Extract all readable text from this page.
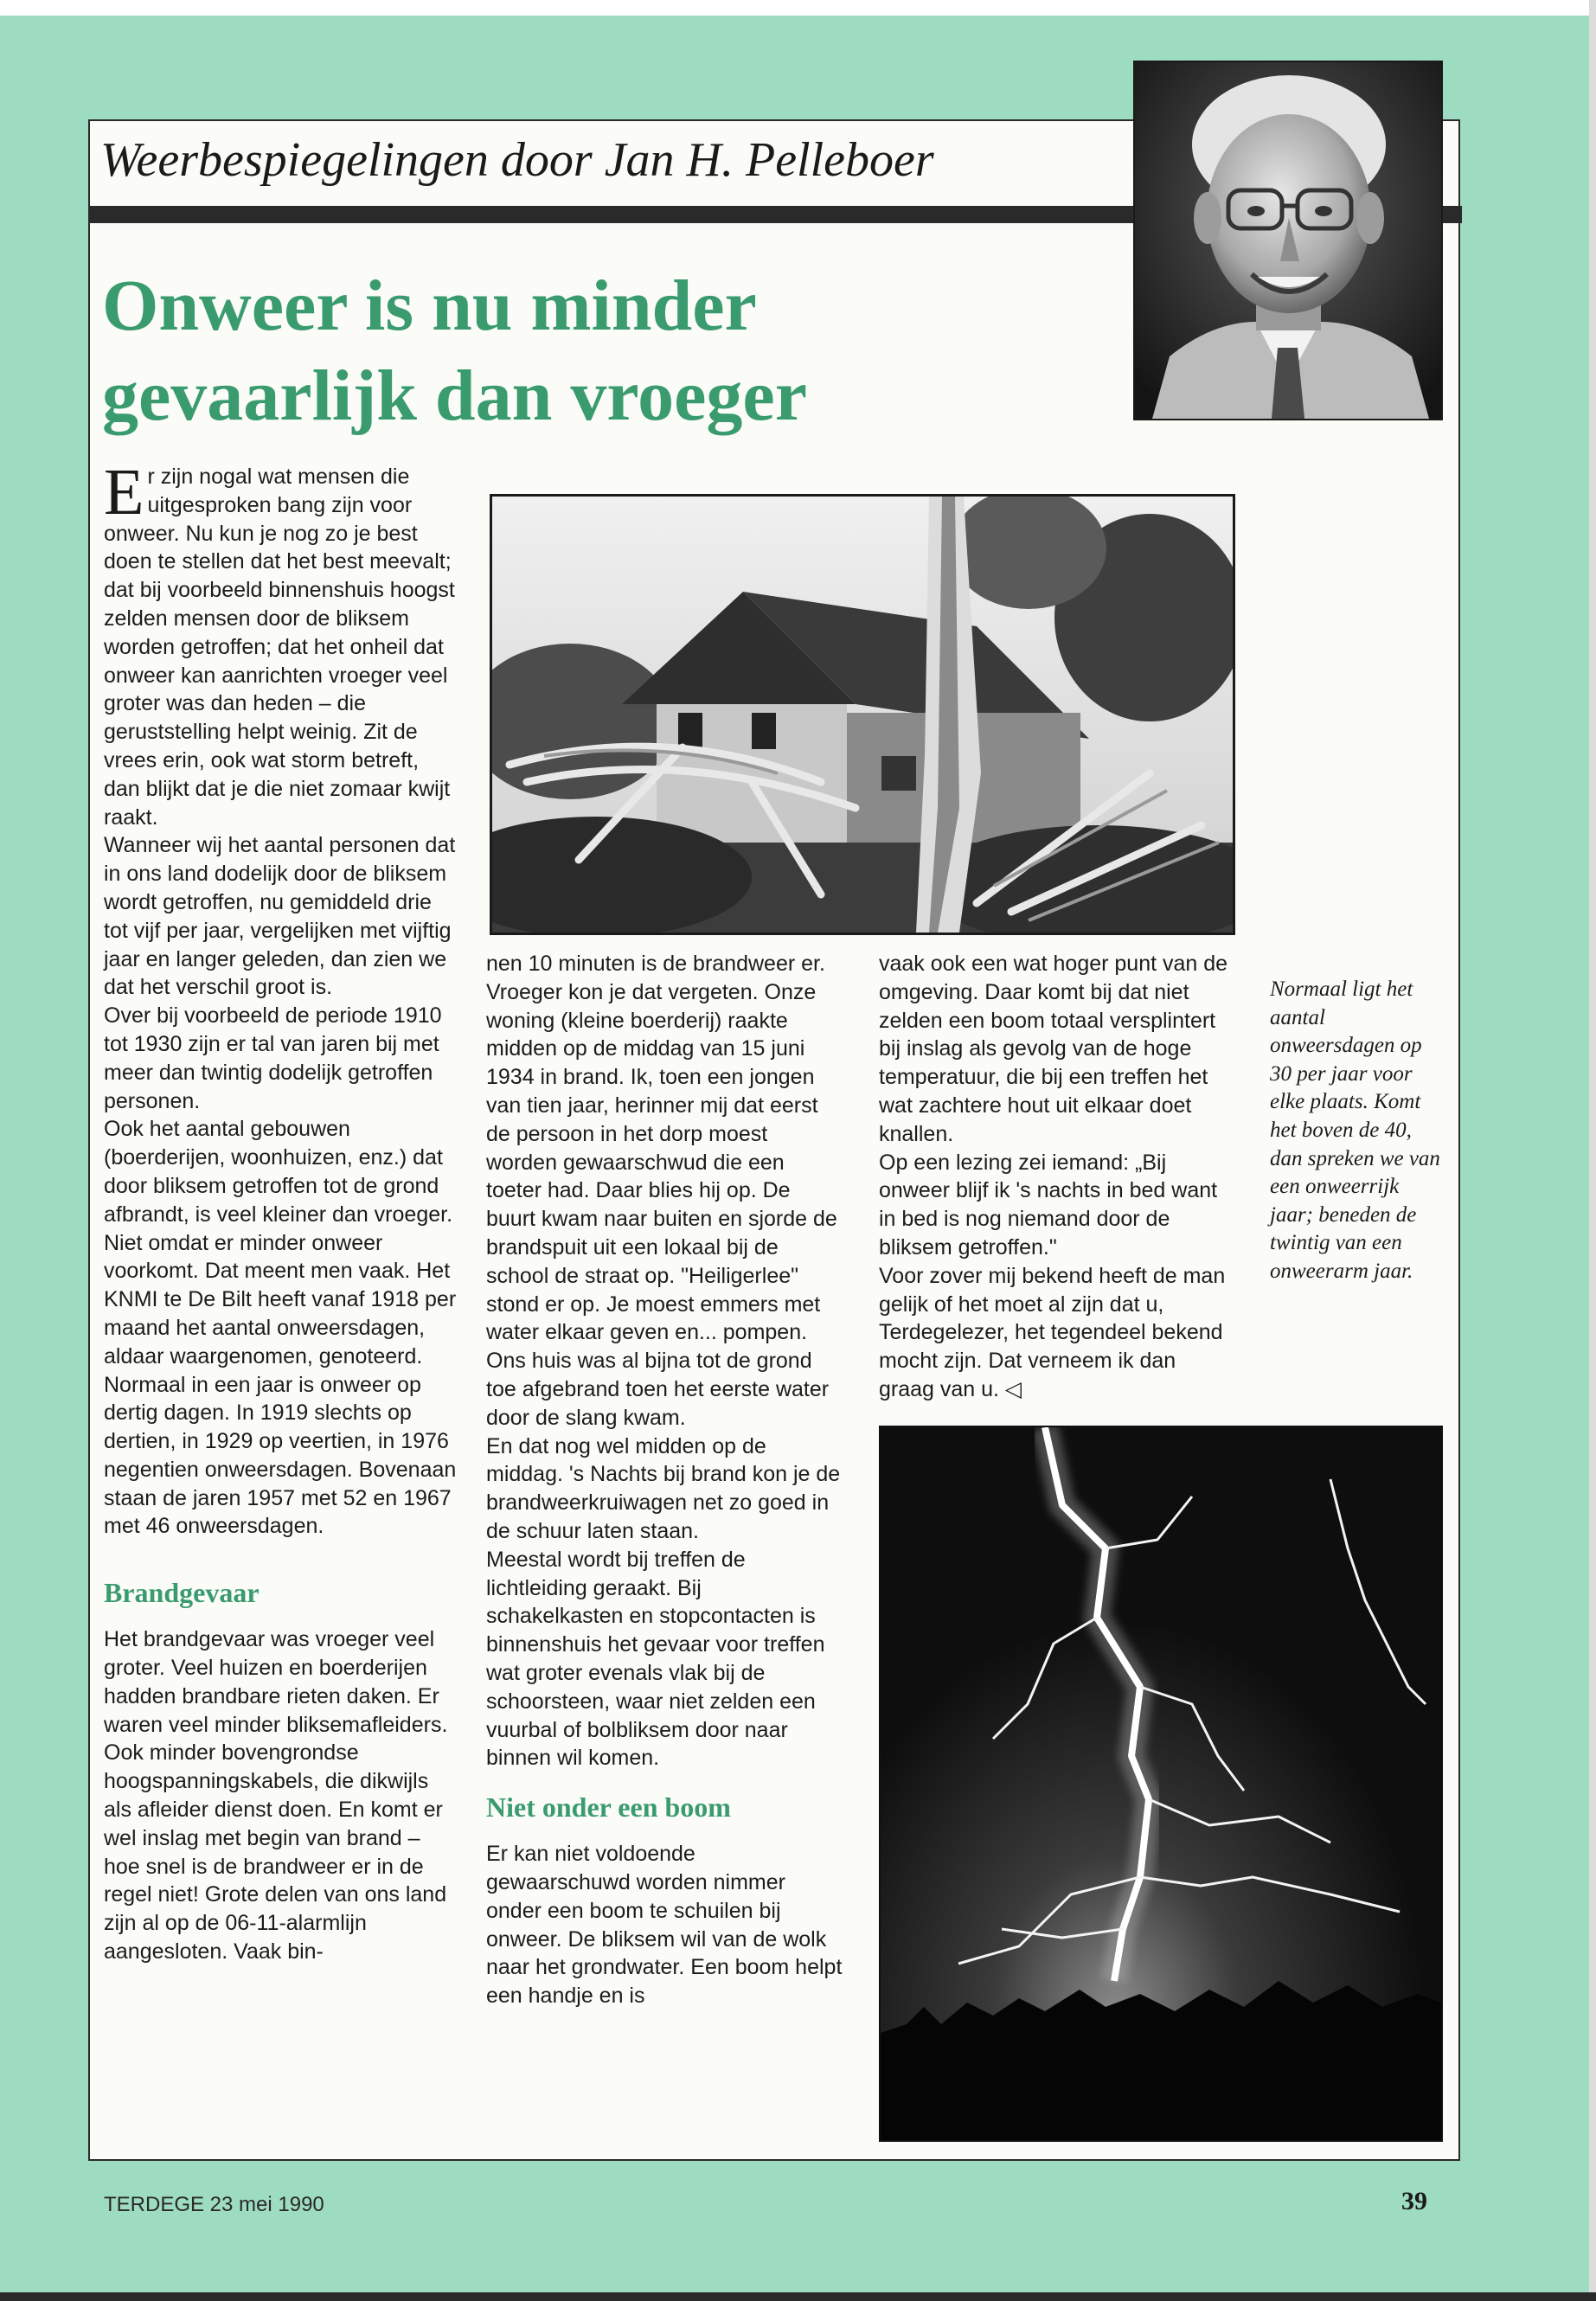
Weerbespiegelingen door Jan H. Pelleboer
Onweer is nu minder
gevaarlijk dan vroeger

Er zijn nogal wat mensen die uitgesproken bang zijn voor onweer. Nu kun je nog zo je best doen te stellen dat het best meevalt; dat bij voorbeeld binnenshuis hoogst zelden mensen door de bliksem worden getroffen; dat het onheil dat onweer kan aanrichten vroeger veel groter was dan heden – die geruststelling helpt weinig. Zit de vrees erin, ook wat storm betreft, dan blijkt dat je die niet zomaar kwijt raakt.

Wanneer wij het aantal personen dat in ons land dodelijk door de bliksem wordt getroffen, nu gemiddeld drie tot vijf per jaar, vergelijken met vijftig jaar en langer geleden, dan zien we dat het verschil groot is.

Over bij voorbeeld de periode 1910 tot 1930 zijn er tal van jaren bij met meer dan twintig dodelijk getroffen personen.

Ook het aantal gebouwen (boerderijen, woonhuizen, enz.) dat door bliksem getroffen tot de grond afbrandt, is veel kleiner dan vroeger. Niet omdat er minder onweer voorkomt. Dat meent men vaak. Het KNMI te De Bilt heeft vanaf 1918 per maand het aantal onweersdagen, aldaar waargenomen, genoteerd. Normaal in een jaar is onweer op dertig dagen. In 1919 slechts op dertien, in 1929 op veertien, in 1976 negentien onweersdagen. Bovenaan staan de jaren 1957 met 52 en 1967 met 46 onweersdagen.

Brandgevaar

Het brandgevaar was vroeger veel groter. Veel huizen en boerderijen hadden brandbare rieten daken. Er waren veel minder bliksemafleiders. Ook minder bovengrondse hoogspanningskabels, die dikwijls als afleider dienst doen. En komt er wel inslag met begin van brand – hoe snel is de brandweer er in de regel niet! Grote delen van ons land zijn al op de 06-11-alarmlijn aangesloten. Vaak bin-

nen 10 minuten is de brandweer er.

Vroeger kon je dat vergeten. Onze woning (kleine boerderij) raakte midden op de middag van 15 juni 1934 in brand. Ik, toen een jongen van tien jaar, herinner mij dat eerst de persoon in het dorp moest worden gewaarschwud die een toeter had. Daar blies hij op. De buurt kwam naar buiten en sjorde de brandspuit uit een lokaal bij de school de straat op. "Heiligerlee" stond er op. Je moest emmers met water elkaar geven en... pompen. Ons huis was al bijna tot de grond toe afgebrand toen het eerste water door de slang kwam.

En dat nog wel midden op de middag. 's Nachts bij brand kon je de brandweerkruiwagen net zo goed in de schuur laten staan.

Meestal wordt bij treffen de lichtleiding geraakt. Bij schakelkasten en stopcontacten is binnenshuis het gevaar voor treffen wat groter evenals vlak bij de schoorsteen, waar niet zelden een vuurbal of bolbliksem door naar binnen wil komen.

Niet onder een boom

Er kan niet voldoende gewaarschuwd worden nimmer onder een boom te schuilen bij onweer. De bliksem wil van de wolk naar het grondwater. Een boom helpt een handje en is

vaak ook een wat hoger punt van de omgeving. Daar komt bij dat niet zelden een boom totaal versplintert bij inslag als gevolg van de hoge temperatuur, die bij een treffen het wat zachtere hout uit elkaar doet knallen.

Op een lezing zei iemand: „Bij onweer blijf ik 's nachts in bed want in bed is nog niemand door de bliksem getroffen."

Voor zover mij bekend heeft de man gelijk of het moet al zijn dat u, Terdegelezer, het tegendeel bekend mocht zijn. Dat verneem ik dan graag van u. ◁

Normaal ligt het aantal onweersdagen op 30 per jaar voor elke plaats. Komt het boven de 40, dan spreken we van een onweerrijk jaar; beneden de twintig van een onweerarm jaar.
TERDEGE 23 mei 1990	39
